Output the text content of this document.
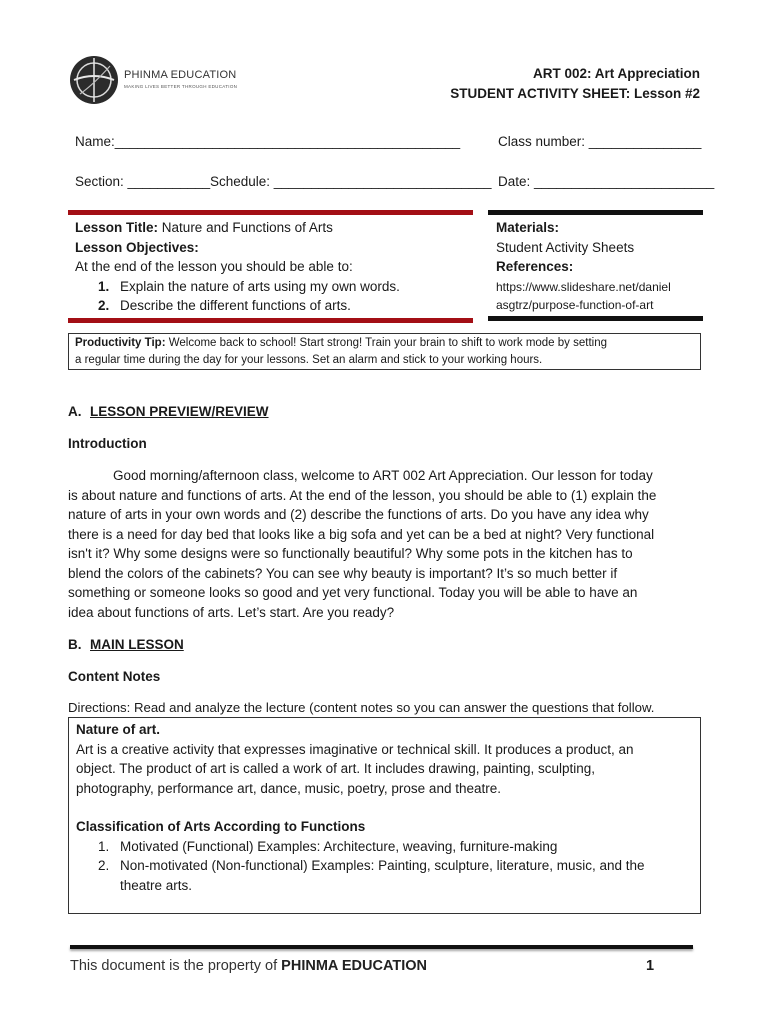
PHINMA EDUCATION
MAKING LIVES BETTER THROUGH EDUCATION
ART 002: Art Appreciation
STUDENT ACTIVITY SHEET: Lesson #2
Name:______________________________________________	Class number: _______________
Section: ___________ Schedule: _____________________________ Date: ________________________
Lesson Title: Nature and Functions of Arts
Lesson Objectives:
At the end of the lesson you should be able to:
1. Explain the nature of arts using my own words.
2. Describe the different functions of arts.
Materials:
Student Activity Sheets
References:
https://www.slideshare.net/daniel
asgtrz/purpose-function-of-art
Productivity Tip: Welcome back to school! Start strong! Train your brain to shift to work mode by setting
a regular time during the day for your lessons. Set an alarm and stick to your working hours.
A. LESSON PREVIEW/REVIEW
Introduction
Good morning/afternoon class, welcome to ART 002 Art Appreciation. Our lesson for today
is about nature and functions of arts. At the end of the lesson, you should be able to (1) explain the
nature of arts in your own words and (2) describe the functions of arts. Do you have any idea why
there is a need for day bed that looks like a big sofa and yet can be a bed at night? Very functional
isn't it? Why some designs were so functionally beautiful? Why some pots in the kitchen has to
blend the colors of the cabinets? You can see why beauty is important? It’s so much better if
something or someone looks so good and yet very functional. Today you will be able to have an
idea about functions of arts. Let’s start. Are you ready?
B. MAIN LESSON
Content Notes
Directions: Read and analyze the lecture (content notes so you can answer the questions that follow.
Nature of art.
Art is a creative activity that expresses imaginative or technical skill. It produces a product, an
object. The product of art is called a work of art. It includes drawing, painting, sculpting,
photography, performance art, dance, music, poetry, prose and theatre.
Classification of Arts According to Functions
1. Motivated (Functional) Examples: Architecture, weaving, furniture-making
2. Non-motivated (Non-functional) Examples: Painting, sculpture, literature, music, and the
theatre arts.
This document is the property of PHINMA EDUCATION	1
